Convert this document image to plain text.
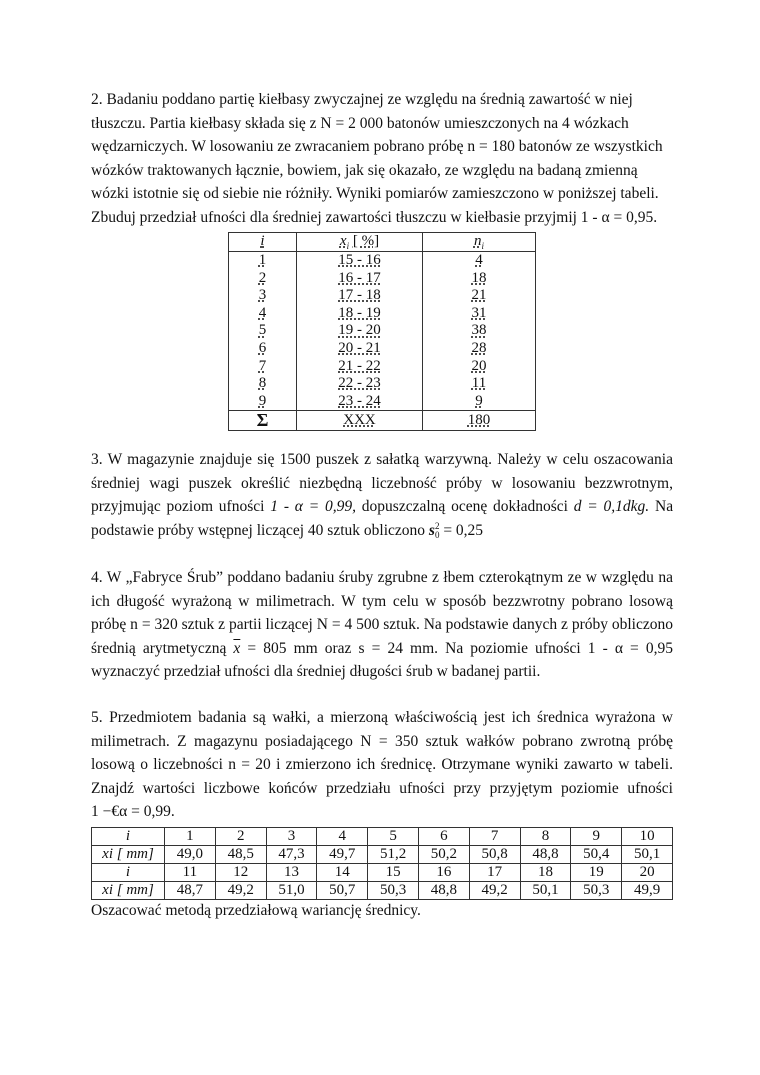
2. Badaniu poddano partię kiełbasy zwyczajnej ze względu na średnią zawartość w niej
tłuszczu. Partia kiełbasy składa się z N = 2 000 batonów umieszczonych na 4 wózkach
wędzarniczych. W losowaniu ze zwracaniem pobrano próbę n = 180 batonów ze wszystkich
wózków traktowanych łącznie, bowiem, jak się okazało, ze względu na badaną zmienną
wózki istotnie się od siebie nie różniły. Wyniki pomiarów zamieszczono w poniższej tabeli.
Zbuduj przedział ufności dla średniej zawartości tłuszczu w kiełbasie przyjmij 1 - α = 0,95.
i	$x_i$ [ %]	$n_i$
1	15 - 16	4
2	16 - 17	18
3	17 - 18	21
4	18 - 19	31
5	19 - 20	38
6	20 - 21	28
7	21 - 22	20
8	22 - 23	11
9	23 - 24	9
Σ	XXX	180
3. W magazynie znajduje się 1500 puszek z sałatką warzywną. Należy w celu oszacowania
średniej wagi puszek określić niezbędną liczebność próby w losowaniu bezzwrotnym,
przyjmując poziom ufności 1 - α = 0,99, dopuszczalną ocenę dokładności d = 0,1dkg. Na
podstawie próby wstępnej liczącej 40 sztuk obliczono s2
0 = 0,25
4. W „Fabryce Śrub” poddano badaniu śruby zgrubne z łbem czterokątnym ze w względu na
ich długość wyrażoną w milimetrach. W tym celu w sposób bezzwrotny pobrano losową
próbę n = 320 sztuk z partii liczącej N = 4 500 sztuk. Na podstawie danych z próby obliczono
średnią arytmetyczną $\overline{x} = 805$ mm oraz s = 24 mm. Na poziomie ufności 1 - α = 0,95
wyznaczyć przedział ufności dla średniej długości śrub w badanej partii.
5. Przedmiotem badania są wałki, a mierzoną właściwością jest ich średnica wyrażona w
milimetrach. Z magazynu posiadającego N = 350 sztuk wałków pobrano zwrotną próbę
losową o liczebności n = 20 i zmierzono ich średnicę. Otrzymane wyniki zawarto w tabeli.
Znajdź wartości liczbowe końców przedziału ufności przy przyjętym poziomie ufności
1 −€α = 0,99.
i	1	2	3	4	5	6	7	8	9	10
xi [ mm]	49,0	48,5	47,3	49,7	51,2	50,2	50,8	48,8	50,4	50,1
i	11	12	13	14	15	16	17	18	19	20
xi [ mm]	48,7	49,2	51,0	50,7	50,3	48,8	49,2	50,1	50,3	49,9
Oszacować metodą przedziałową wariancję średnicy.
